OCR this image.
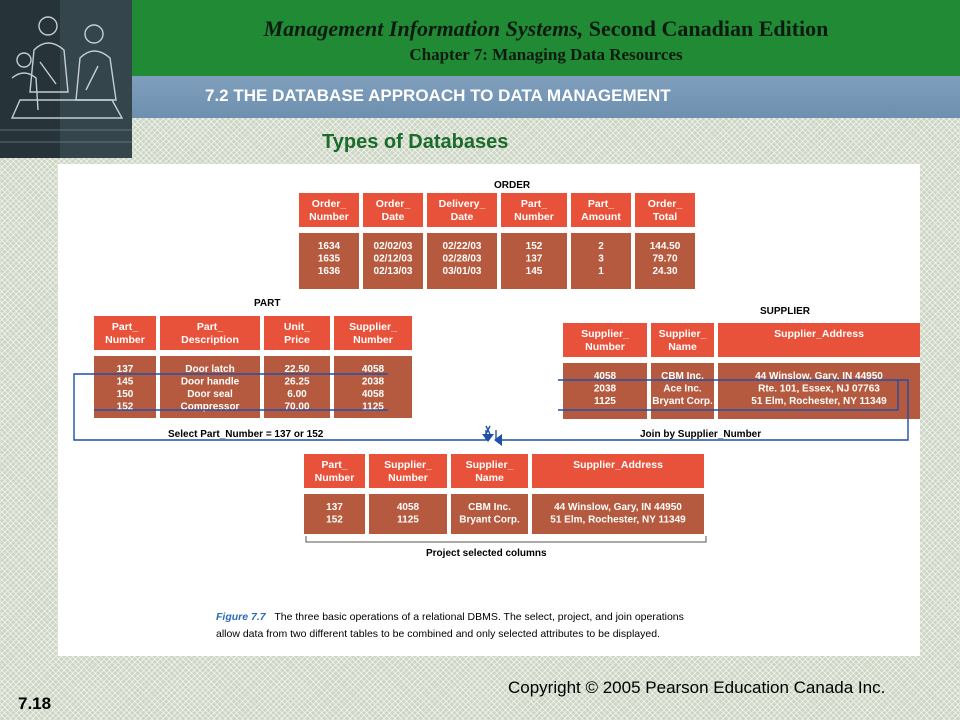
Management Information Systems, Second Canadian Edition
Chapter 7: Managing Data Resources
7.2 THE DATABASE APPROACH TO DATA MANAGEMENT
Types of Databases
ORDER
Order_
Number
1634
1635
1636
Order_
Date
02/02/03
02/12/03
02/13/03
Delivery_
Date
02/22/03
02/28/03
03/01/03
Part_
Number
152
137
145
Part_
Amount
2
3
1
Order_
Total
144.50
79.70
24.30
PART
Part_
Number
137
145
150
152
Part_
Description
Door latch
Door handle
Door seal
Compressor
Unit_
Price
22.50
26.25
6.00
70.00
Supplier_
Number
4058
2038
4058
1125
SUPPLIER
Supplier_
Number
4058
2038
1125
Supplier_
Name
CBM Inc.
Ace Inc.
Bryant Corp.
Supplier_Address
44 Winslow, Gary, IN 44950
Rte. 101, Essex, NJ 07763
51 Elm, Rochester, NY 11349
Part_
Number
137
152
Supplier_
Number
4058
1125
Supplier_
Name
CBM Inc.
Bryant Corp.
Supplier_Address
44 Winslow, Gary, IN 44950
51 Elm, Rochester, NY 11349
Select Part_Number = 137 or 152	Join by Supplier_Number
Project selected columns
Figure 7.7 The three basic operations of a relational DBMS. The select, project, and join operations
allow data from two different tables to be combined and only selected attributes to be displayed.
7.18
Copyright © 2005 Pearson Education Canada Inc.
